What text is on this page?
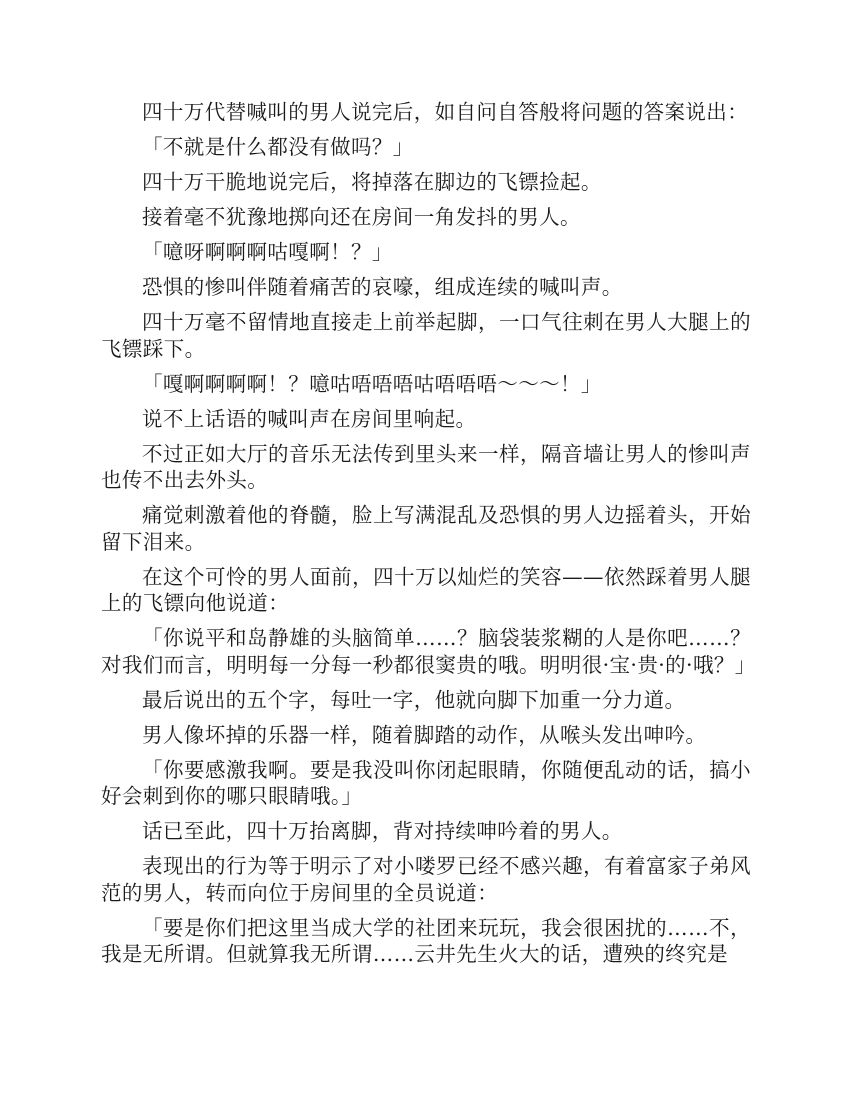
四十万代替喊叫的男人说完后，如自问自答般将问题的答案说出：

「不就是什么都没有做吗？」

四十万干脆地说完后，将掉落在脚边的飞镖捡起。

接着毫不犹豫地掷向还在房间一角发抖的男人。

「噫呀啊啊啊咕嘎啊！？」

恐惧的惨叫伴随着痛苦的哀嚎，组成连续的喊叫声。

四十万毫不留情地直接走上前举起脚，一口气往刺在男人大腿上的飞镖踩下。

「嘎啊啊啊啊！？噫咕唔唔唔咕唔唔唔～～～！」

说不上话语的喊叫声在房间里响起。

不过正如大厅的音乐无法传到里头来一样，隔音墙让男人的惨叫声也传不出去外头。

痛觉刺激着他的脊髓，脸上写满混乱及恐惧的男人边摇着头，开始留下泪来。

在这个可怜的男人面前，四十万以灿烂的笑容——依然踩着男人腿上的飞镖向他说道：

「你说平和岛静雄的头脑简单……？脑袋装浆糊的人是你吧……？对我们而言，明明每一分每一秒都很窦贵的哦。明明很·宝·贵·的·哦？」

最后说出的五个字，每吐一字，他就向脚下加重一分力道。

男人像坏掉的乐器一样，随着脚踏的动作，从喉头发出呻吟。

「你要感激我啊。要是我没叫你闭起眼睛，你随便乱动的话，搞小好会刺到你的哪只眼睛哦。」

话已至此，四十万抬离脚，背对持续呻吟着的男人。

表现出的行为等于明示了对小喽罗已经不感兴趣，有着富家子弟风范的男人，转而向位于房间里的全员说道：

「要是你们把这里当成大学的社团来玩玩，我会很困扰的……不，我是无所谓。但就算我无所谓……云井先生火大的话，遭殃的终究是
